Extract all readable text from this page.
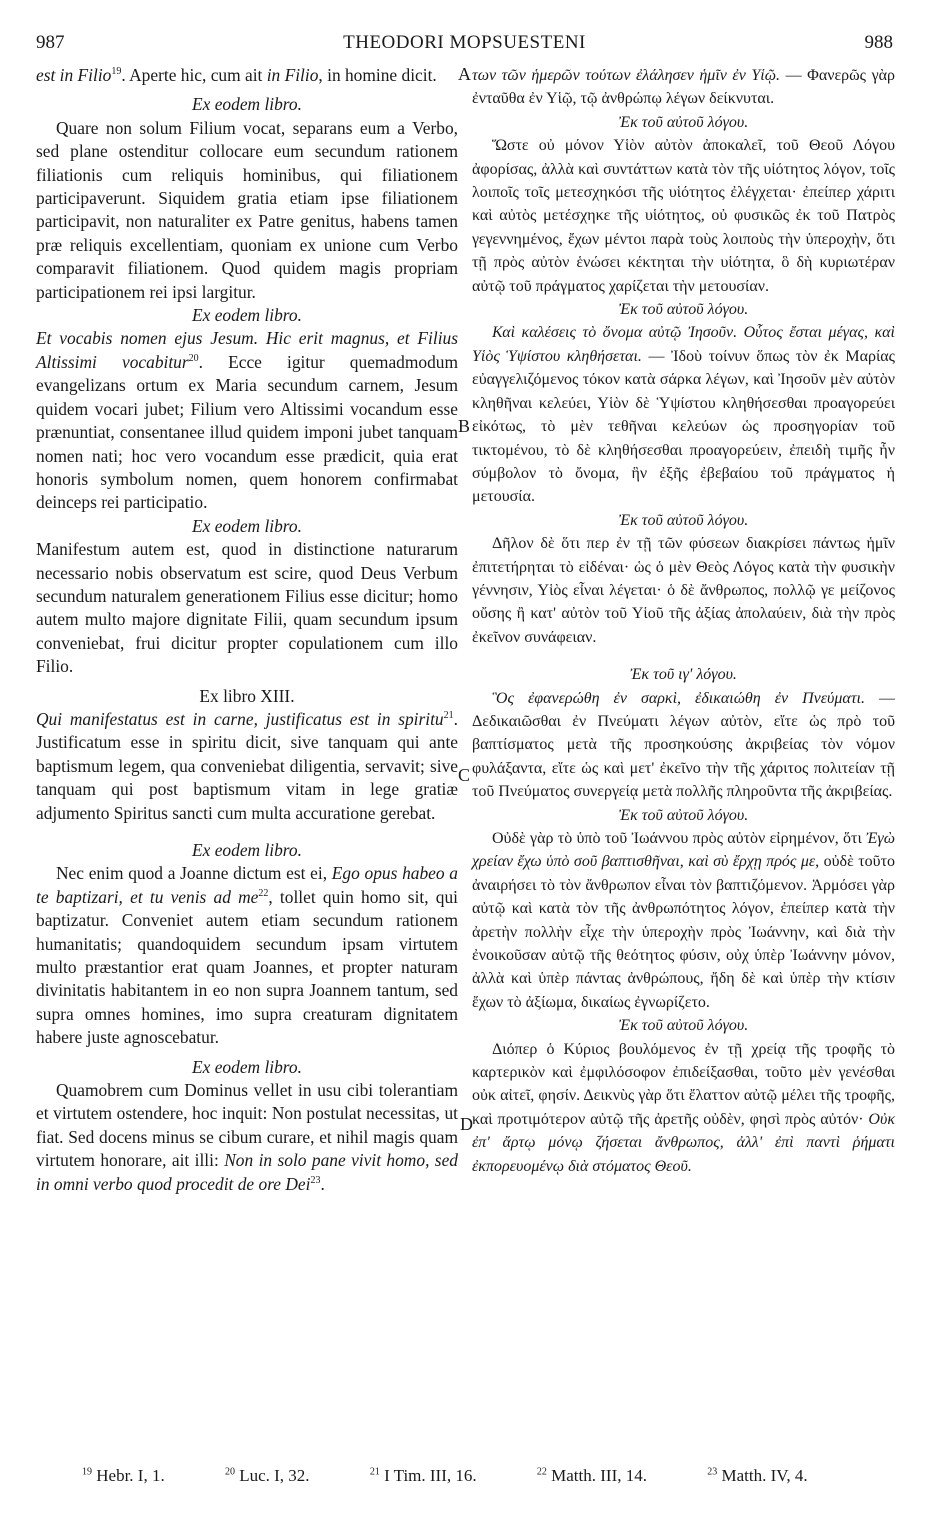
987	THEODORI MOPSUESTENI	988

est in Filio$^{19}$. Aperte hic, cum ait in Filio, in homine dicit.

Ex eodem libro.

Quare non solum Filium vocat, separans eum a Verbo, sed plane ostenditur collocare eum secundum rationem filiationis cum reliquis hominibus, qui filiationem participaverunt. Siquidem gratia etiam ipse filiationem participavit, non naturaliter ex Patre genitus, habens tamen præ reliquis excellentiam, quoniam ex unione cum Verbo comparavit filiationem. Quod quidem magis propriam participationem rei ipsi largitur.

Ex eodem libro.

Et vocabis nomen ejus Jesum. Hic erit magnus, et Filius Altissimi vocabitur$^{20}$. Ecce igitur quemadmodum evangelizans ortum ex Maria secundum carnem, Jesum quidem vocari jubet; Filium vero Altissimi vocandum esse prænuntiat, consentanee illud quidem imponi jubet tanquam nomen nati; hoc vero vocandum esse prædicit, quia erat honoris symbolum nomen, quem honorem confirmabat deinceps rei participatio.

Ex eodem libro.

Manifestum autem est, quod in distinctione naturarum necessario nobis observatum est scire, quod Deus Verbum secundum naturalem generationem Filius esse dicitur; homo autem multo majore dignitate Filii, quam secundum ipsum conveniebat, frui dicitur propter copulationem cum illo Filio.

Ex libro XIII.

Qui manifestatus est in carne, justificatus est in spiritu$^{21}$. Justificatum esse in spiritu dicit, sive tanquam qui ante baptismum legem, qua conveniebat diligentia, servavit; sive tanquam qui post baptismum vitam in lege gratiæ adjumento Spiritus sancti cum multa accuratione gerebat.

Ex eodem libro.

Nec enim quod a Joanne dictum est ei, Ego opus habeo a te baptizari, et tu venis ad $me^{22}$, tollet quin homo sit, qui baptizatur. Conveniet autem etiam secundum rationem humanitatis; quandoquidem secundum ipsam virtutem multo præstantior erat quam Joannes, et propter naturam divinitatis habitantem in eo non supra Joannem tantum, sed supra omnes homines, imo supra creaturam dignitatem habere juste agnoscebatur.

Ex eodem libro.

Quamobrem cum Dominus vellet in usu cibi tolerantiam et virtutem ostendere, hoc inquit: Non postulat necessitas, ut fiat. Sed docens minus se cibum curare, et nihil magis quam virtutem honorare, ait illi: Non in solo pane vivit homo, sed in omni verbo quod procedit de ore Dei$^{23}$.

των τῶν ἡμερῶν τούτων ἐλάλησεν ἡμῖν ἐν Υἱῷ. — Φανερῶς γὰρ ἐνταῦθα ἐν Υἱῷ, τῷ ἀνθρώπῳ λέγων δείκνυται.

Ἐκ τοῦ αὐτοῦ λόγου.

Ὥστε οὐ μόνον Υἱὸν αὐτὸν ἀποκαλεῖ, τοῦ Θεοῦ Λόγου ἀφορίσας, ἀλλὰ καὶ συντάττων κατὰ τὸν τῆς υἱότητος λόγον, τοῖς λοιποῖς τοῖς μετεσχηκόσι τῆς υἱότητος ἐλέγχεται· ἐπείπερ χάριτι καὶ αὐτὸς μετέσχηκε τῆς υἱότητος, οὐ φυσικῶς ἐκ τοῦ Πατρὸς γεγεννημένος, ἔχων μέντοι παρὰ τοὺς λοιποὺς τὴν ὑπεροχὴν, ὅτι τῇ πρὸς αὐτὸν ἑνώσει κέκτηται τὴν υἱότητα, ὃ δὴ κυριωτέραν αὐτῷ τοῦ πράγματος χαρίζεται τὴν μετουσίαν.

Ἐκ τοῦ αὐτοῦ λόγου.

Καὶ καλέσεις τὸ ὄνομα αὐτῷ Ἰησοῦν. Οὗτος ἔσται μέγας, καὶ Υἱὸς Ὑψίστου κληθήσεται. — Ἰδοὺ τοίνυν ὅπως τὸν ἐκ Μαρίας εὐαγγελιζόμενος τόκον κατὰ σάρκα λέγων, καὶ Ἰησοῦν μὲν αὐτὸν κληθῆναι κελεύει, Υἱὸν δὲ Ὑψίστου κληθήσεσθαι προαγορεύει εἰκότως, τὸ μὲν τεθῆναι κελεύων ὡς προσηγορίαν τοῦ τικτομένου, τὸ δὲ κληθήσεσθαι προαγορεύειν, ἐπειδὴ τιμῆς ἦν σύμβολον τὸ ὄνομα, ἣν ἐξῆς ἐβεβαίου τοῦ πράγματος ἡ μετουσία.

Ἐκ τοῦ αὐτοῦ λόγου.

Δῆλον δὲ ὅτι περ ἐν τῇ τῶν φύσεων διακρίσει πάντως ἡμῖν ἐπιτετήρηται τὸ εἰδέναι· ὡς ὁ μὲν Θεὸς Λόγος κατὰ τὴν φυσικὴν γέννησιν, Υἱὸς εἶναι λέγεται· ὁ δὲ ἄνθρωπος, πολλῷ γε μείζονος οὔσης ἢ κατ' αὐτὸν τοῦ Υἱοῦ τῆς ἀξίας ἀπολαύειν, διὰ τὴν πρὸς ἐκεῖνον συνάφειαν.

Ἐκ τοῦ ιγ' λόγου.

Ὃς ἐφανερώθη ἐν σαρκὶ, ἐδικαιώθη ἐν Πνεύματι. — Δεδικαιῶσθαι ἐν Πνεύματι λέγων αὐτὸν, εἴτε ὡς πρὸ τοῦ βαπτίσματος μετὰ τῆς προσηκούσης ἀκριβείας τὸν νόμον φυλάξαντα, εἴτε ὡς καὶ μετ' ἐκεῖνο τὴν τῆς χάριτος πολιτείαν τῇ τοῦ Πνεύματος συνεργείᾳ μετὰ πολλῆς πληροῦντα τῆς ἀκριβείας.

Ἐκ τοῦ αὐτοῦ λόγου.

Οὐδὲ γὰρ τὸ ὑπὸ τοῦ Ἰωάννου πρὸς αὐτὸν εἰρημένον, ὅτι Ἐγὼ χρείαν ἔχω ὑπὸ σοῦ βαπτισθῆναι, καὶ σὺ ἔρχῃ πρός με, οὐδὲ τοῦτο ἀναιρήσει τὸ τὸν ἄνθρωπον εἶναι τὸν βαπτιζόμενον. Ἁρμόσει γὰρ αὐτῷ καὶ κατὰ τὸν τῆς ἀνθρωπότητος λόγον, ἐπείπερ κατὰ τὴν ἀρετὴν πολλὴν εἶχε τὴν ὑπεροχὴν πρὸς Ἰωάννην, καὶ διὰ τὴν ἐνοικοῦσαν αὐτῷ τῆς θεότητος φύσιν, οὐχ ὑπὲρ Ἰωάννην μόνον, ἀλλὰ καὶ ὑπὲρ πάντας ἀνθρώπους, ἤδη δὲ καὶ ὑπὲρ τὴν κτίσιν ἔχων τὸ ἀξίωμα, δικαίως ἐγνωρίζετο.

Ἐκ τοῦ αὐτοῦ λόγου.

Διόπερ ὁ Κύριος βουλόμενος ἐν τῇ χρείᾳ τῆς τροφῆς τὸ καρτερικὸν καὶ ἐμφιλόσοφον ἐπιδείξασθαι, τοῦτο μὲν γενέσθαι οὐκ αἰτεῖ, φησίν. Δεικνὺς γὰρ ὅτι ἔλαττον αὐτῷ μέλει τῆς τροφῆς, καὶ προτιμότερον αὐτῷ τῆς ἀρετῆς οὐδὲν, φησὶ πρὸς αὐτόν· Οὐκ ἐπ' ἄρτῳ μόνῳ ζήσεται ἄνθρωπος, ἀλλ' ἐπὶ παντὶ ῥήματι ἐκπορευομένῳ διὰ στόματος Θεοῦ.

A
B
C
D
$^{19}$ Hebr. I, 1.	$^{20}$ Luc. I, 32.	$^{21}$ I Tim. III, 16.	$^{22}$ Matth. III, 14.	$^{23}$ Matth. IV, 4.
